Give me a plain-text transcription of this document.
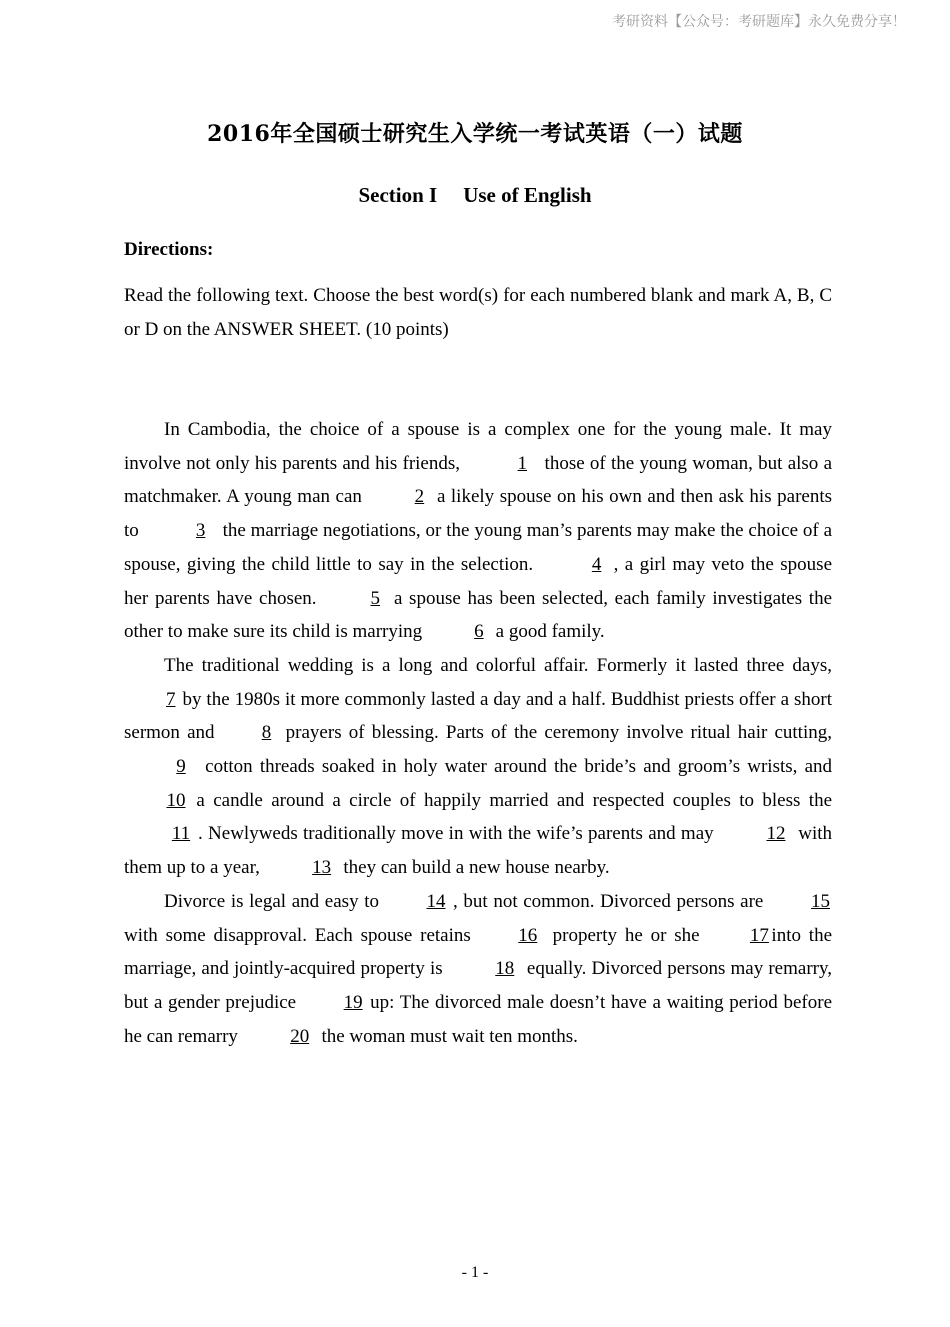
考研资料【公众号：考研题库】永久免费分享！
2016年全国硕士研究生入学统一考试英语（一）试题
Section I Use of English
Directions:
Read the following text. Choose the best word(s) for each numbered blank and mark A, B, C or D on the ANSWER SHEET. (10 points)

In Cambodia, the choice of a spouse is a complex one for the young male. It may involve not only his parents and his friends,	1 those of the young woman, but also a matchmaker. A young man can	2 a likely spouse on his own and then ask his parents to	3 the marriage negotiations, or the young man’s parents may make the choice of a spouse, giving the child little to say in the selection.	4 , a girl may veto the spouse her parents have chosen.	5 a spouse has been selected, each family investigates the other to make sure its child is marrying	6 a good family.

The traditional wedding is a long and colorful affair. Formerly it lasted three days, 7 by the 1980s it more commonly lasted a day and a half. Buddhist priests offer a short sermon and 8 prayers of blessing. Parts of the ceremony involve ritual hair cutting, 9 cotton threads soaked in holy water around the bride’s and groom’s wrists, and10 a candle around a circle of happily married and respected couples to bless the 11 . Newlyweds traditionally move in with the wife’s parents and may	12 with them up to a year,	13 they can build a new house nearby.

Divorce is legal and easy to	14 , but not common. Divorced persons are	15 with some disapproval. Each spouse retains	16 property he or she	17 into the marriage, and jointly-acquired property is	18 equally. Divorced persons may remarry, but a gender prejudice	19 up: The divorced male doesn’t have a waiting period before he can remarry	20 the woman must wait ten months.

- 1 -
